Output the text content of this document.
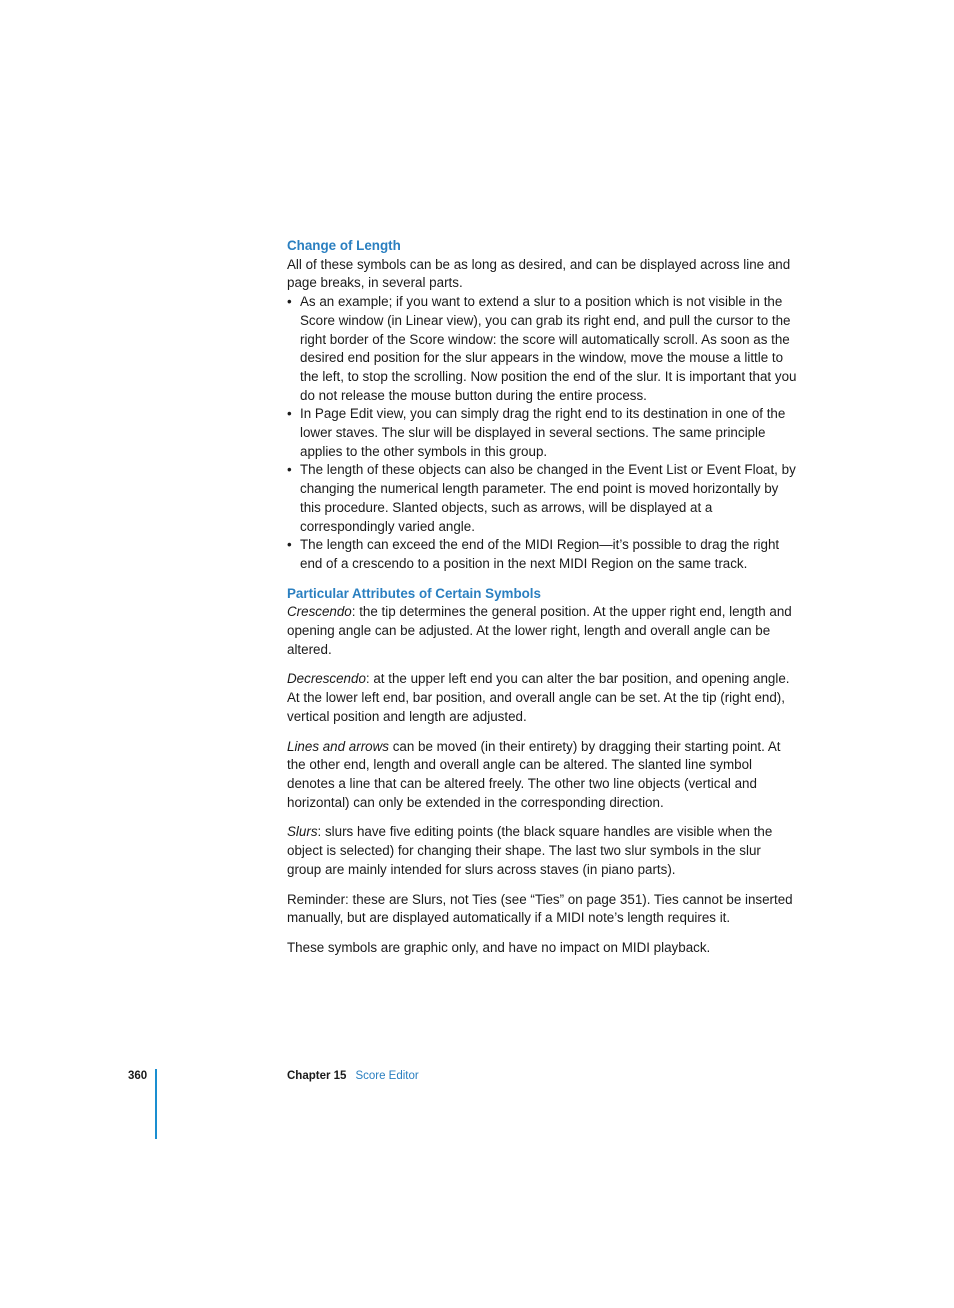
Change of Length

All of these symbols can be as long as desired, and can be displayed across line and page breaks, in several parts.

• As an example; if you want to extend a slur to a position which is not visible in the Score window (in Linear view), you can grab its right end, and pull the cursor to the right border of the Score window: the score will automatically scroll. As soon as the desired end position for the slur appears in the window, move the mouse a little to the left, to stop the scrolling. Now position the end of the slur. It is important that you do not release the mouse button during the entire process.
• In Page Edit view, you can simply drag the right end to its destination in one of the lower staves. The slur will be displayed in several sections. The same principle applies to the other symbols in this group.
• The length of these objects can also be changed in the Event List or Event Float, by changing the numerical length parameter. The end point is moved horizontally by this procedure. Slanted objects, such as arrows, will be displayed at a correspondingly varied angle.
• The length can exceed the end of the MIDI Region—it’s possible to drag the right end of a crescendo to a position in the next MIDI Region on the same track.
Particular Attributes of Certain Symbols

Crescendo: the tip determines the general position. At the upper right end, length and opening angle can be adjusted. At the lower right, length and overall angle can be altered.

Decrescendo: at the upper left end you can alter the bar position, and opening angle. At the lower left end, bar position, and overall angle can be set. At the tip (right end), vertical position and length are adjusted.

Lines and arrows can be moved (in their entirety) by dragging their starting point. At the other end, length and overall angle can be altered. The slanted line symbol denotes a line that can be altered freely. The other two line objects (vertical and horizontal) can only be extended in the corresponding direction.

Slurs: slurs have five editing points (the black square handles are visible when the object is selected) for changing their shape. The last two slur symbols in the slur group are mainly intended for slurs across staves (in piano parts).

Reminder: these are Slurs, not Ties (see “Ties” on page 351). Ties cannot be inserted manually, but are displayed automatically if a MIDI note’s length requires it.

These symbols are graphic only, and have no impact on MIDI playback.

360	Chapter 15 Score Editor
